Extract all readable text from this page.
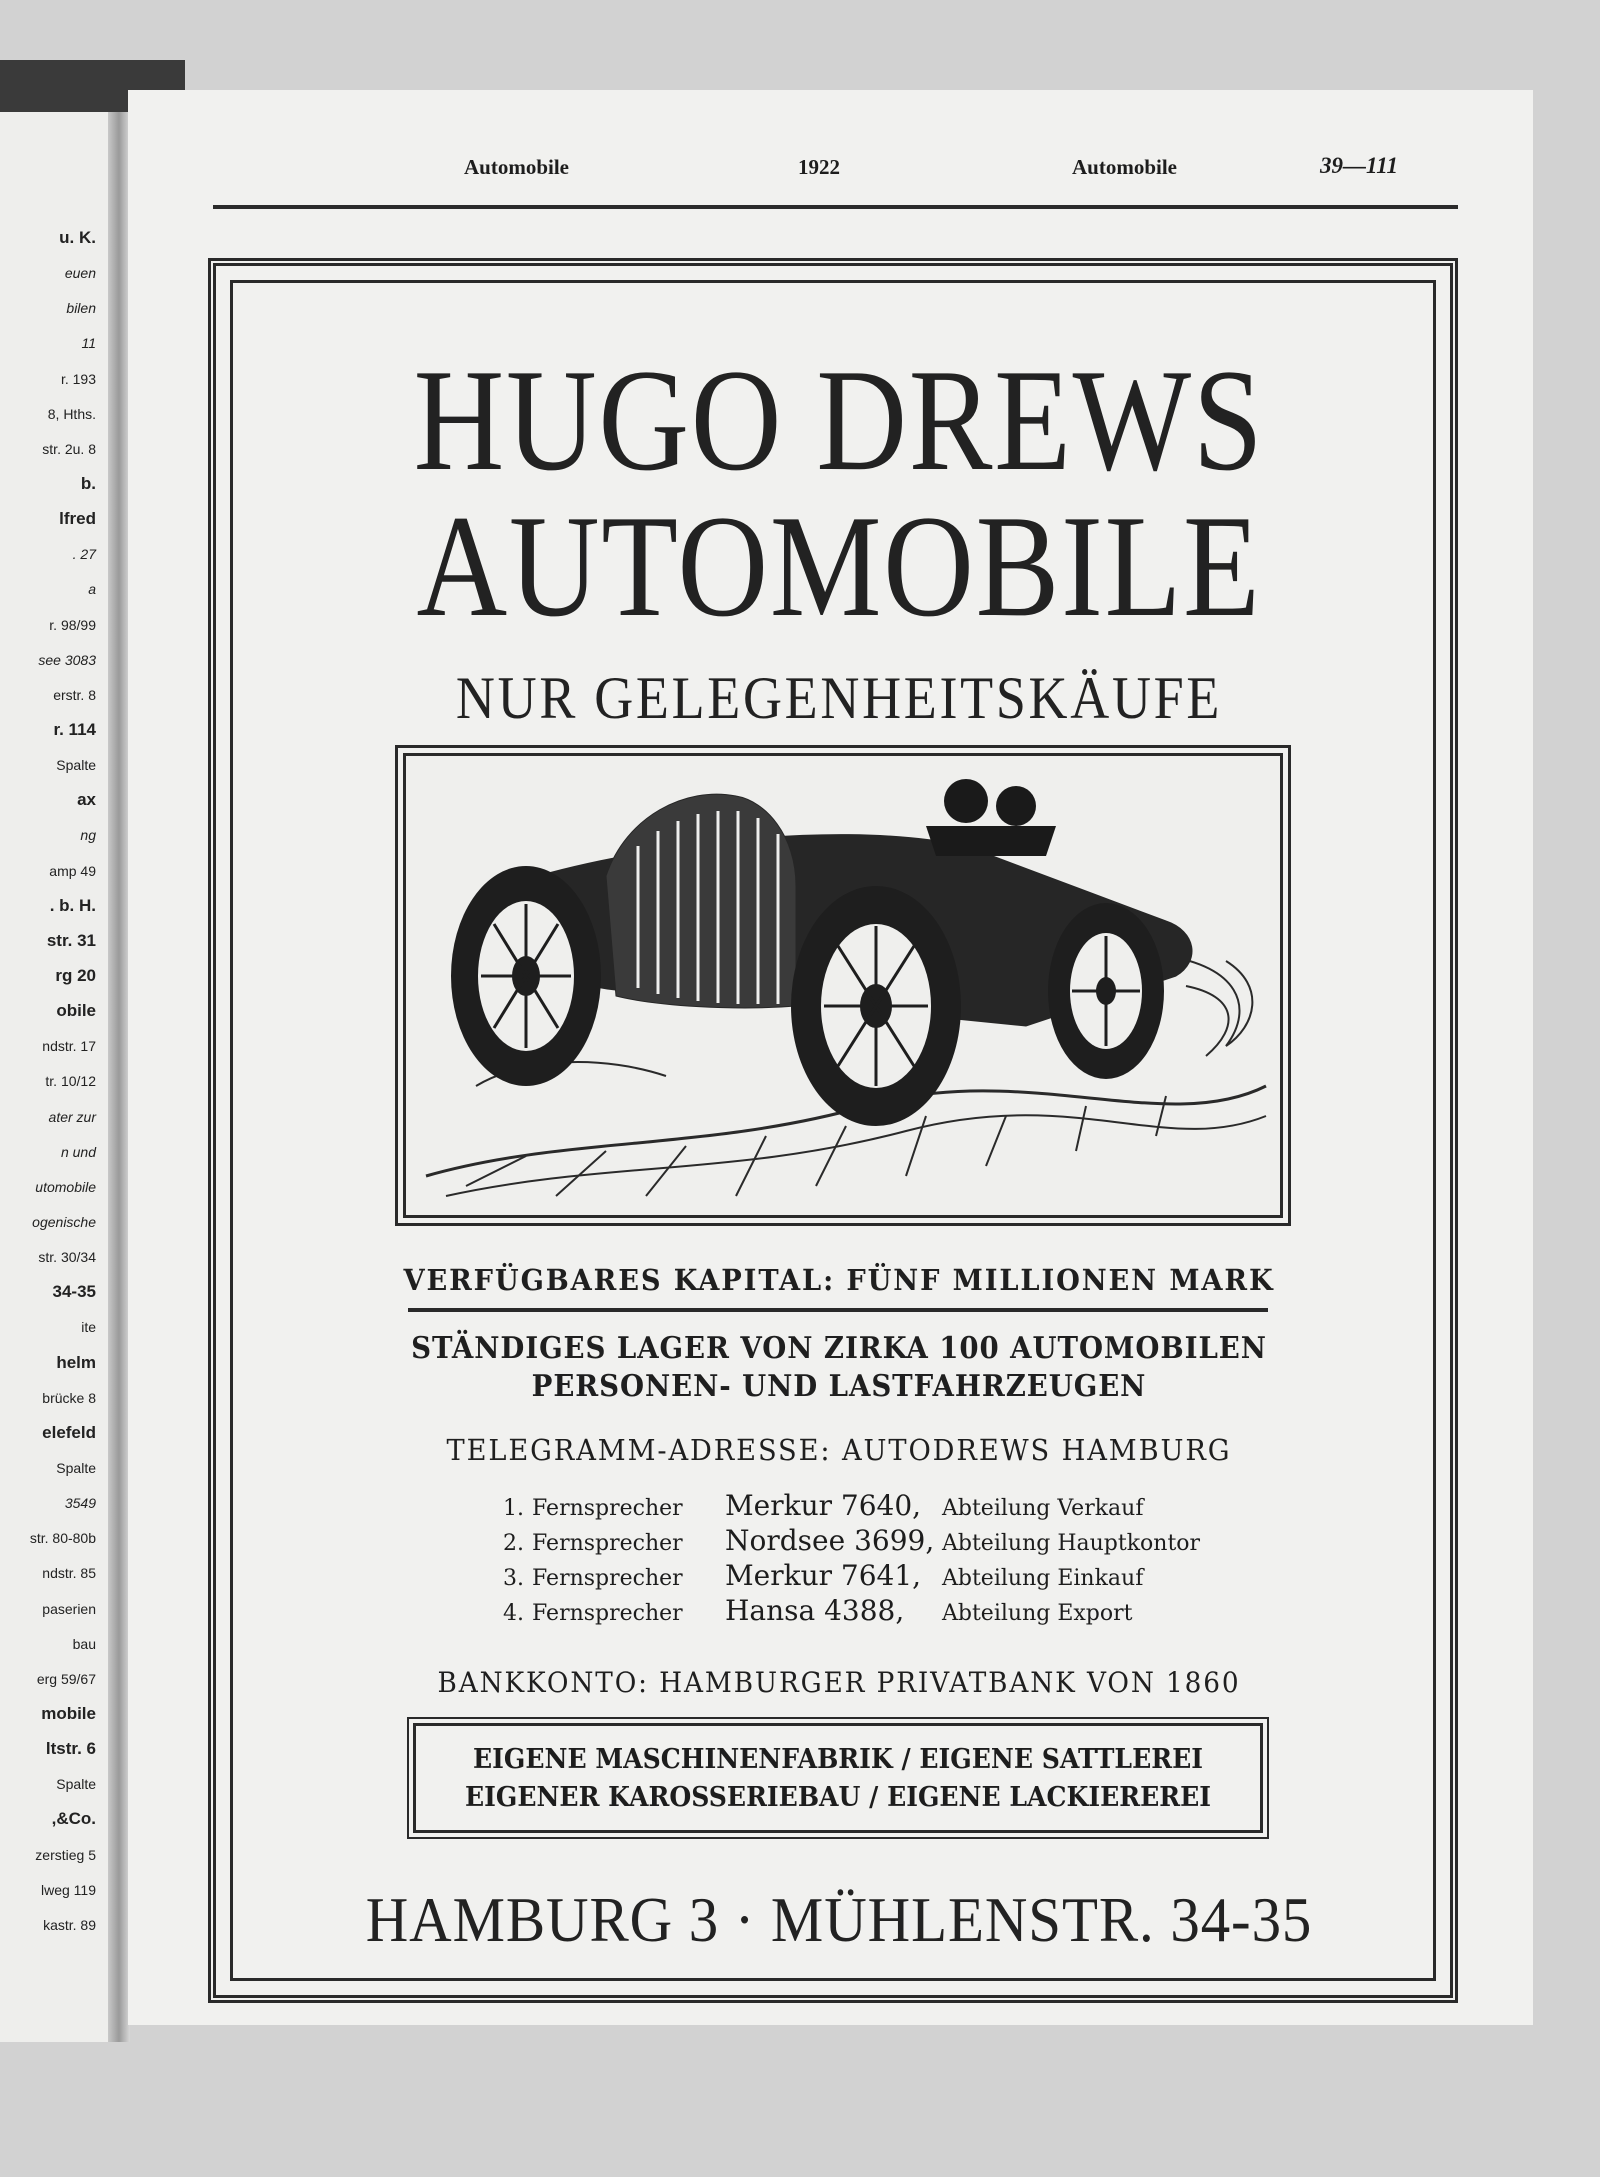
u. K.
euen
bilen
11
r. 193
8, Hths.
str. 2u. 8
b.
lfred
. 27
a
r. 98/99
see 3083
erstr. 8
r. 114
Spalte
ax
ng
amp 49
. b. H.
str. 31
rg 20
obile
ndstr. 17
tr. 10/12
ater zur
n und
utomobile
ogenische
str. 30/34
34-35
ite
helm
brücke 8
elefeld
Spalte
3549
str. 80-80b
ndstr. 85
paserien
bau
erg 59/67
mobile
ltstr. 6
Spalte
,&Co.
zerstieg 5
lweg 119
kastr. 89
Automobile	1922	Automobile	39—111
HUGO DREWS
AUTOMOBILE
NUR GELEGENHEITSKÄUFE
VERFÜGBARES KAPITAL: FÜNF MILLIONEN MARK
STÄNDIGES LAGER VON ZIRKA 100 AUTOMOBILEN
PERSONEN- UND LASTFAHRZEUGEN
TELEGRAMM-ADRESSE: AUTODREWS HAMBURG
1. Fernsprecher Merkur 7640, Abteilung Verkauf
2. Fernsprecher Nordsee 3699, Abteilung Hauptkontor
3. Fernsprecher Merkur 7641, Abteilung Einkauf
4. Fernsprecher Hansa 4388, Abteilung Export
BANKKONTO: HAMBURGER PRIVATBANK VON 1860
EIGENE MASCHINENFABRIK / EIGENE SATTLEREI
EIGENER KAROSSERIEBAU / EIGENE LACKIEREREI
HAMBURG 3 · MÜHLENSTR. 34-35
